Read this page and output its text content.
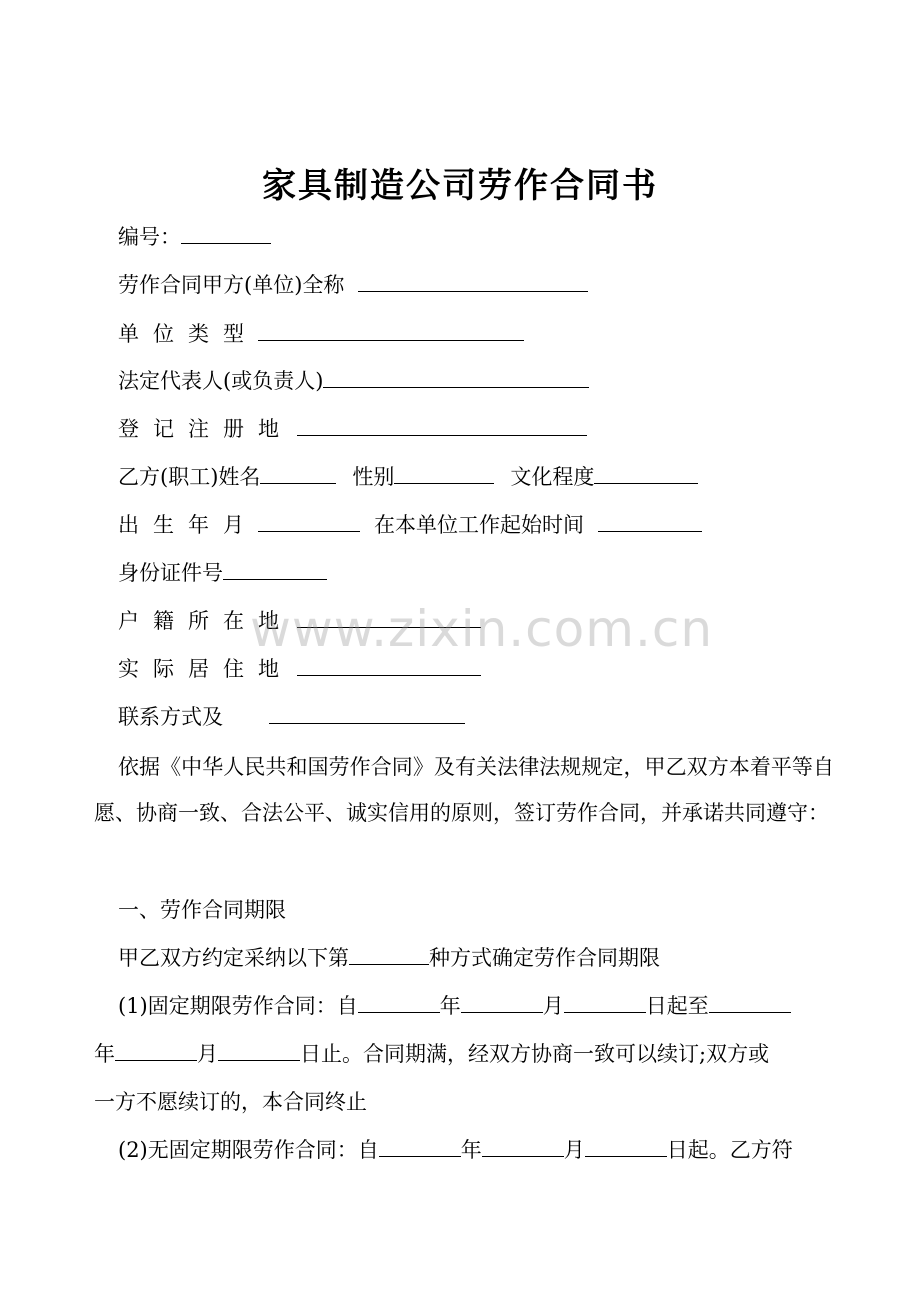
家具制造公司劳作合同书
编号：
劳作合同甲方(单位)全称
单位类型
法定代表人(或负责人)
登记注册地
乙方(职工)姓名	性别	文化程度
出生年月	在本单位工作起始时间
身份证件号
户籍所在地
实际居住地
联系方式及
依据《中华人民共和国劳作合同》及有关法律法规规定，甲乙双方本着平等自愿、协商一致、合法公平、诚实信用的原则，签订劳作合同，并承诺共同遵守：
一、劳作合同期限
甲乙双方约定采纳以下第	种方式确定劳作合同期限
(1)固定期限劳作合同：自	年	月	日起至
年	月	日止。合同期满，经双方协商一致可以续订;双方或
一方不愿续订的，本合同终止
(2)无固定期限劳作合同：自	年	月	日起。乙方符
www.zixin.com.cn
